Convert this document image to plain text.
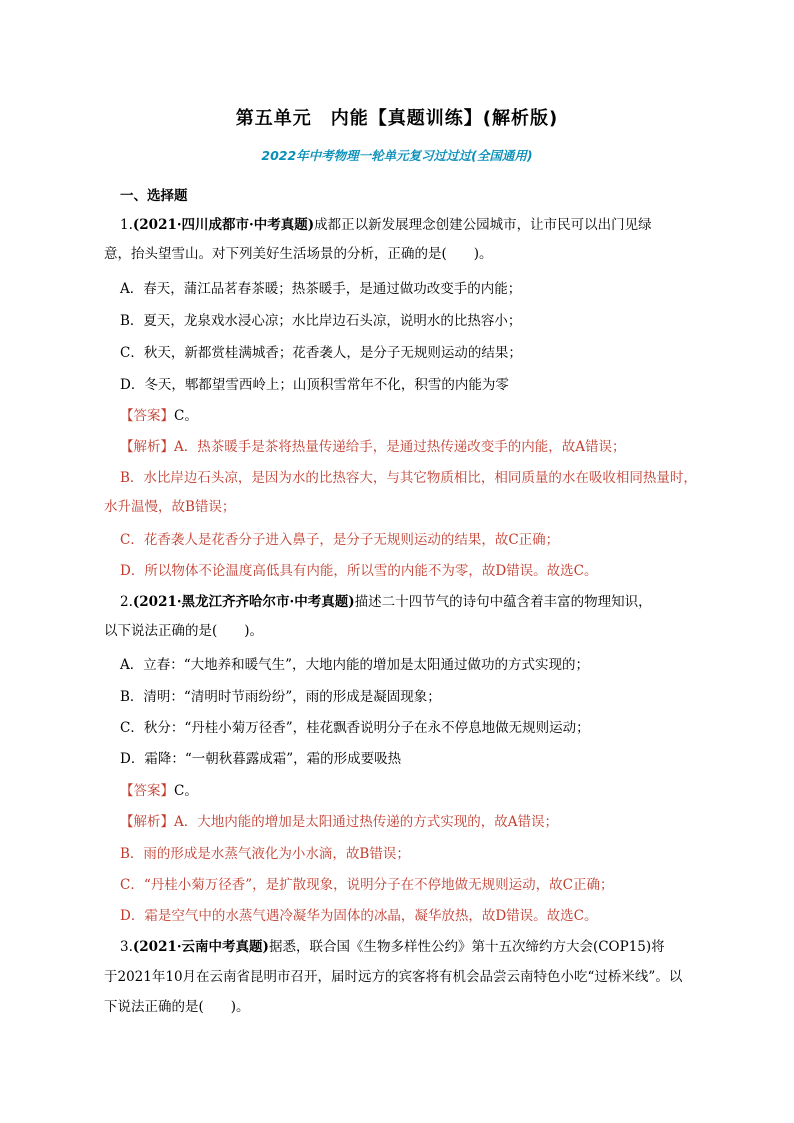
第五单元　内能【真题训练】(解析版)
2022年中考物理一轮单元复习过过过(全国通用)
一、选择题
1.(2021·四川成都市·中考真题)成都正以新发展理念创建公园城市，让市民可以出门见绿
意，抬头望雪山。对下列美好生活场景的分析，正确的是(　　)。
A．春天，蒲江品茗春茶暖；热茶暖手，是通过做功改变手的内能；
B．夏天，龙泉戏水浸心凉；水比岸边石头凉，说明水的比热容小；
C．秋天，新都赏桂满城香；花香袭人，是分子无规则运动的结果；
D．冬天，郫都望雪西岭上；山顶积雪常年不化，积雪的内能为零
【答案】C。
【解析】A．热茶暖手是茶将热量传递给手，是通过热传递改变手的内能，故A错误；
B．水比岸边石头凉，是因为水的比热容大，与其它物质相比，相同质量的水在吸收相同热量时，
水升温慢，故B错误；
C．花香袭人是花香分子进入鼻子，是分子无规则运动的结果，故C正确；
D．所以物体不论温度高低具有内能，所以雪的内能不为零，故D错误。故选C。
2.(2021·黑龙江齐齐哈尔市·中考真题)描述二十四节气的诗句中蕴含着丰富的物理知识，
以下说法正确的是(　　)。
A．立春：“大地养和暖气生”，大地内能的增加是太阳通过做功的方式实现的；
B．清明：“清明时节雨纷纷”，雨的形成是凝固现象；
C．秋分：“丹桂小菊万径香”，桂花飘香说明分子在永不停息地做无规则运动；
D．霜降：“一朝秋暮露成霜”，霜的形成要吸热
【答案】C。
【解析】A．大地内能的增加是太阳通过热传递的方式实现的，故A错误；
B．雨的形成是水蒸气液化为小水滴，故B错误；
C．“丹桂小菊万径香”，是扩散现象，说明分子在不停地做无规则运动，故C正确；
D．霜是空气中的水蒸气遇冷凝华为固体的冰晶，凝华放热，故D错误。故选C。
3.(2021·云南中考真题)据悉，联合国《生物多样性公约》第十五次缔约方大会(COP15)将
于2021年10月在云南省昆明市召开，届时远方的宾客将有机会品尝云南特色小吃“过桥米线”。以
下说法正确的是(　　)。
